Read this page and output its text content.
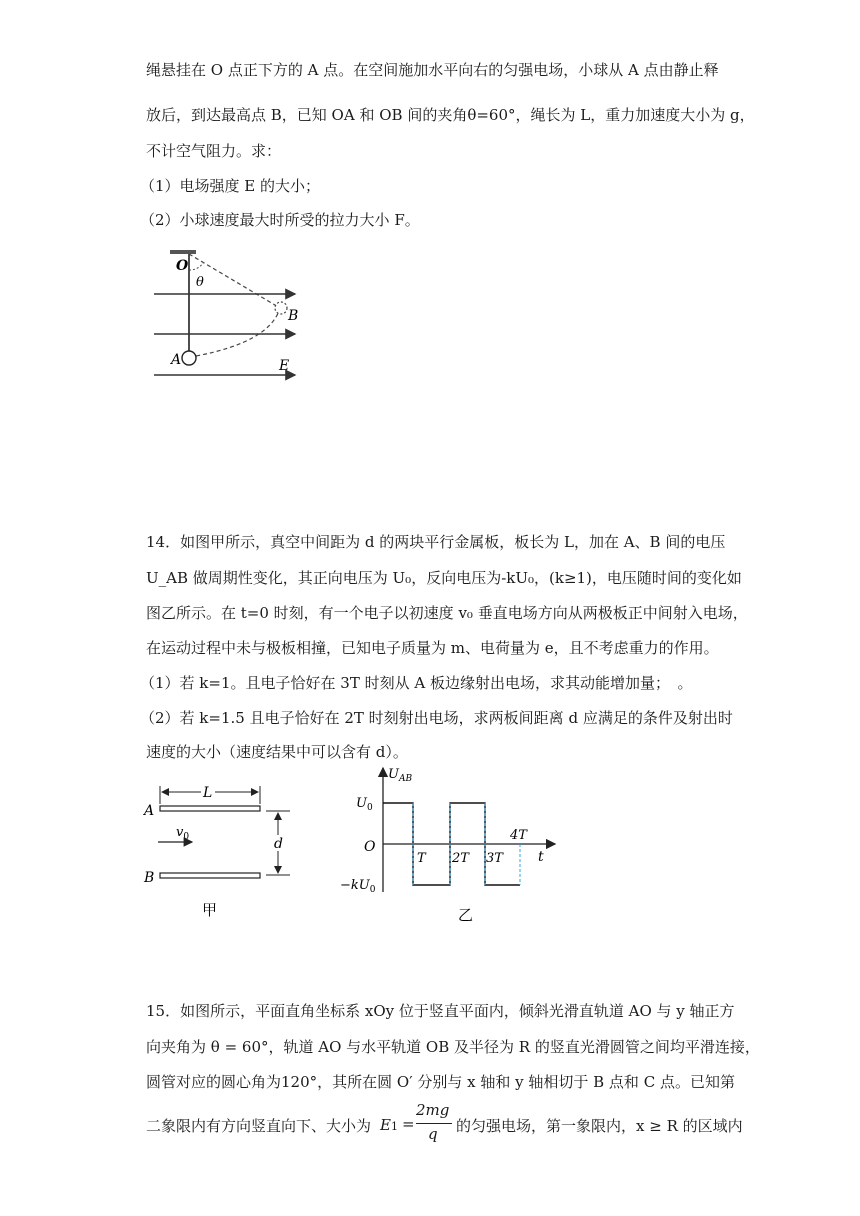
绳悬挂在 O 点正下方的 A 点。在空间施加水平向右的匀强电场，小球从 A 点由静止释
放后，到达最高点 B，已知 OA 和 OB 间的夹角θ=60°，绳长为 L，重力加速度大小为 g，
不计空气阻力。求：
（1）电场强度 E 的大小；
（2）小球速度最大时所受的拉力大小 F。
O
θ
B
A	E
14．如图甲所示，真空中间距为 d 的两块平行金属板，板长为 L，加在 A、B 间的电压
U_AB 做周期性变化，其正向电压为 U₀，反向电压为-kU₀，(k≥1)，电压随时间的变化如
图乙所示。在 t=0 时刻，有一个电子以初速度 v₀ 垂直电场方向从两极板正中间射入电场，
在运动过程中未与极板相撞，已知电子质量为 m、电荷量为 e，且不考虑重力的作用。
（1）若 k=1。且电子恰好在 3T 时刻从 A 板边缘射出电场，求其动能增加量；　。
（2）若 k=1.5 且电子恰好在 2T 时刻射出电场，求两板间距离 d 应满足的条件及射出时
速度的大小（速度结果中可以含有 d）。
L
A
B
$v_0$	d
甲
$U_{AB}$
$U_0$
O
$-kU_0$
T 2T 3T
4T
t
乙
15．如图所示，平面直角坐标系 xOy 位于竖直平面内，倾斜光滑直轨道 AO 与 y 轴正方
向夹角为 θ = 60°，轨道 AO 与水平轨道 OB 及半径为 R 的竖直光滑圆管之间均平滑连接，
圆管对应的圆心角为120°，其所在圆 O′ 分别与 x 轴和 y 轴相切于 B 点和 C 点。已知第
二象限内有方向竖直向下、大小为 E1 =
2mg
q 的匀强电场，第一象限内，x ≥ R 的区域内
